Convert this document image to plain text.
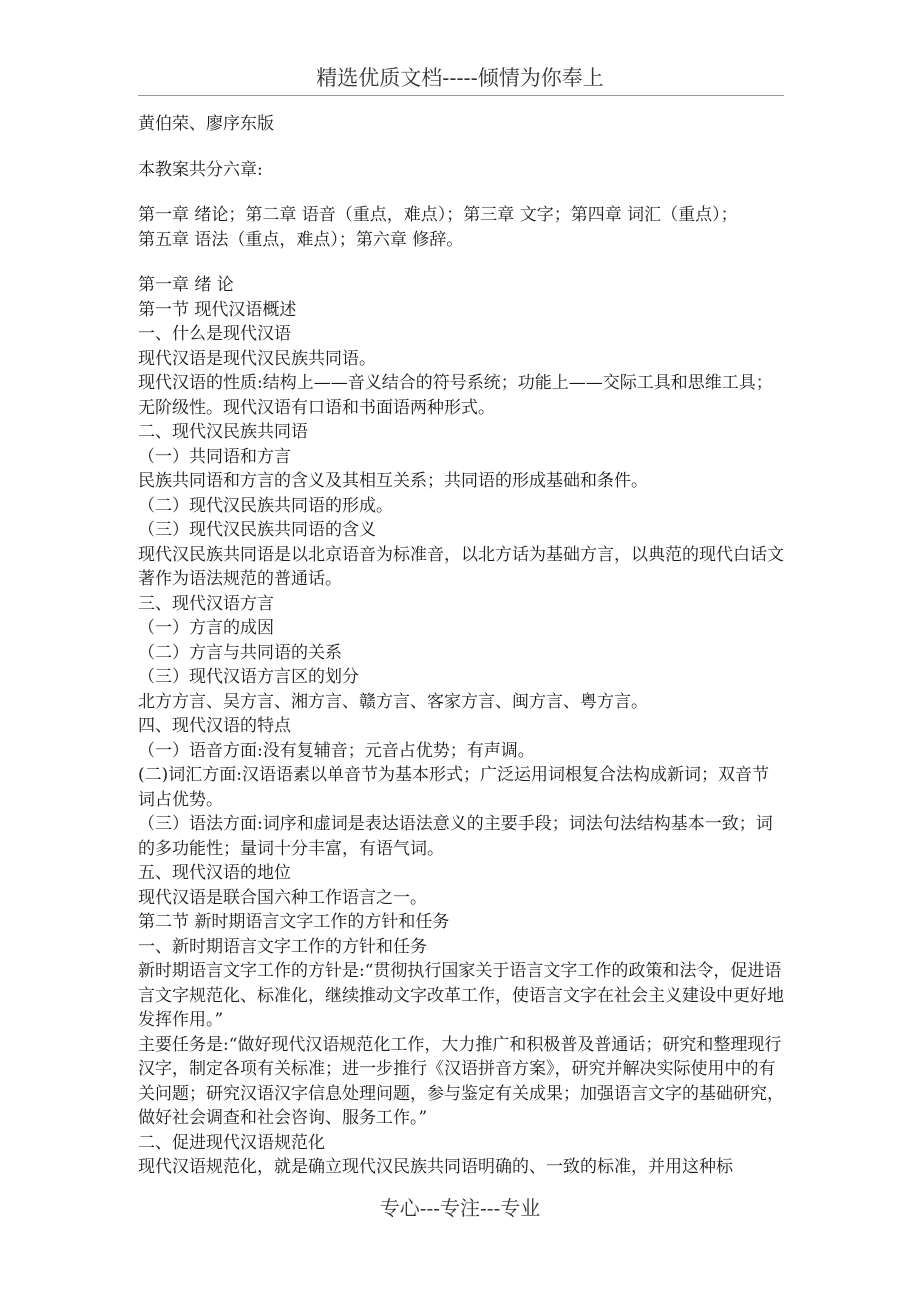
精选优质文档-----倾情为你奉上

黄伯荣、廖序东版

本教案共分六章:

第一章 绪论；第二章 语音（重点，难点）；第三章 文字；第四章 词汇（重点）；

第五章 语法（重点，难点）；第六章 修辞。

第一章 绪 论

第一节 现代汉语概述

一、什么是现代汉语

现代汉语是现代汉民族共同语。

现代汉语的性质:结构上——音义结合的符号系统；功能上——交际工具和思维工具；无阶级性。现代汉语有口语和书面语两种形式。

二、现代汉民族共同语

（一）共同语和方言

民族共同语和方言的含义及其相互关系；共同语的形成基础和条件。

（二）现代汉民族共同语的形成。

（三）现代汉民族共同语的含义

现代汉民族共同语是以北京语音为标准音，以北方话为基础方言，以典范的现代白话文著作为语法规范的普通话。

三、现代汉语方言

（一）方言的成因

（二）方言与共同语的关系

（三）现代汉语方言区的划分

北方方言、吴方言、湘方言、赣方言、客家方言、闽方言、粤方言。

四、现代汉语的特点

（一）语音方面:没有复辅音；元音占优势；有声调。

(二)词汇方面:汉语语素以单音节为基本形式；广泛运用词根复合法构成新词；双音节词占优势。

（三）语法方面:词序和虚词是表达语法意义的主要手段；词法句法结构基本一致；词的多功能性；量词十分丰富，有语气词。

五、现代汉语的地位

现代汉语是联合国六种工作语言之一。

第二节 新时期语言文字工作的方针和任务

一、新时期语言文字工作的方针和任务

新时期语言文字工作的方针是:“贯彻执行国家关于语言文字工作的政策和法令，促进语言文字规范化、标准化，继续推动文字改革工作，使语言文字在社会主义建设中更好地发挥作用。”

主要任务是:“做好现代汉语规范化工作，大力推广和积极普及普通话；研究和整理现行汉字，制定各项有关标准；进一步推行《汉语拼音方案》，研究并解决实际使用中的有关问题；研究汉语汉字信息处理问题，参与鉴定有关成果；加强语言文字的基础研究，做好社会调查和社会咨询、服务工作。”

二、促进现代汉语规范化

现代汉语规范化，就是确立现代汉民族共同语明确的、一致的标准，并用这种标

专心---专注---专业
